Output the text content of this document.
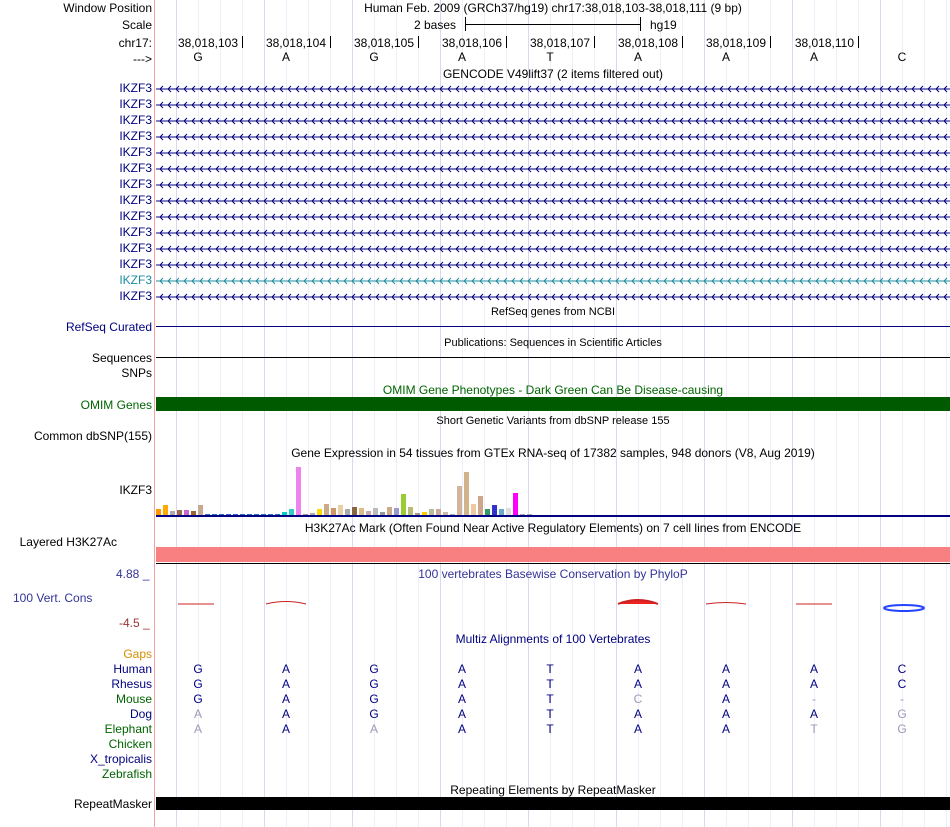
Window Position	Human Feb. 2009 (GRCh37/hg19) chr17:38,018,103-38,018,111 (9 bp)
Scale	2 bases	hg19
chr17: 38,018,103 38,018,104 38,018,105 38,018,106 38,018,107 38,018,108 38,018,109 38,018,110
--->	G	A	G	A	T	A	A	A	C
GENCODE V49lift37 (2 items filtered out)
IKZF3
IKZF3
IKZF3
IKZF3
IKZF3
IKZF3
IKZF3
IKZF3
IKZF3
IKZF3
IKZF3
IKZF3
IKZF3
IKZF3
RefSeq genes from NCBI
RefSeq Curated
Publications: Sequences in Scientific Articles
Sequences
SNPs
OMIM Gene Phenotypes - Dark Green Can Be Disease-causing
OMIM Genes
Short Genetic Variants from dbSNP release 155
Common dbSNP(155)
Gene Expression in 54 tissues from GTEx RNA-seq of 17382 samples, 948 donors (V8, Aug 2019)
IKZF3
H3K27Ac Mark (Often Found Near Active Regulatory Elements) on 7 cell lines from ENCODE
Layered H3K27Ac
4.88 _	100 vertebrates Basewise Conservation by PhyloP
100 Vert. Cons
-4.5 _
Multiz Alignments of 100 Vertebrates
Gaps
Human	G	A	G	A	T	A	A	A	C
Rhesus	G	A	G	A	T	A	A	A	C
Mouse	G	A	G	A	T	C	A	-	-
Dog	A	A	G	A	T	A	A	A	G
Elephant	A	A	A	A	T	A	A	T	G
Chicken
X_tropicalis
Zebrafish
Repeating Elements by RepeatMasker
RepeatMasker
